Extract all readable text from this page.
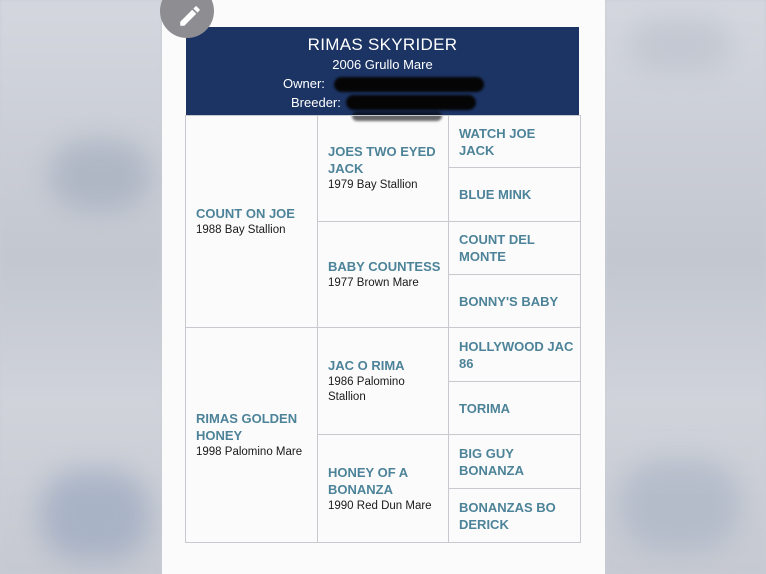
RIMAS SKYRIDER
2006 Grullo Mare
Owner:
Breeder:
COUNT ON JOE
1988 Bay Stallion
RIMAS GOLDEN HONEY
1998 Palomino Mare
JOES TWO EYED JACK
1979 Bay Stallion
BABY COUNTESS
1977 Brown Mare
JAC O RIMA
1986 Palomino Stallion
HONEY OF A BONANZA
1990 Red Dun Mare
WATCH JOE JACK
BLUE MINK
COUNT DEL MONTE
BONNY'S BABY
HOLLYWOOD JAC 86
TORIMA
BIG GUY BONANZA
BONANZAS BO DERICK
